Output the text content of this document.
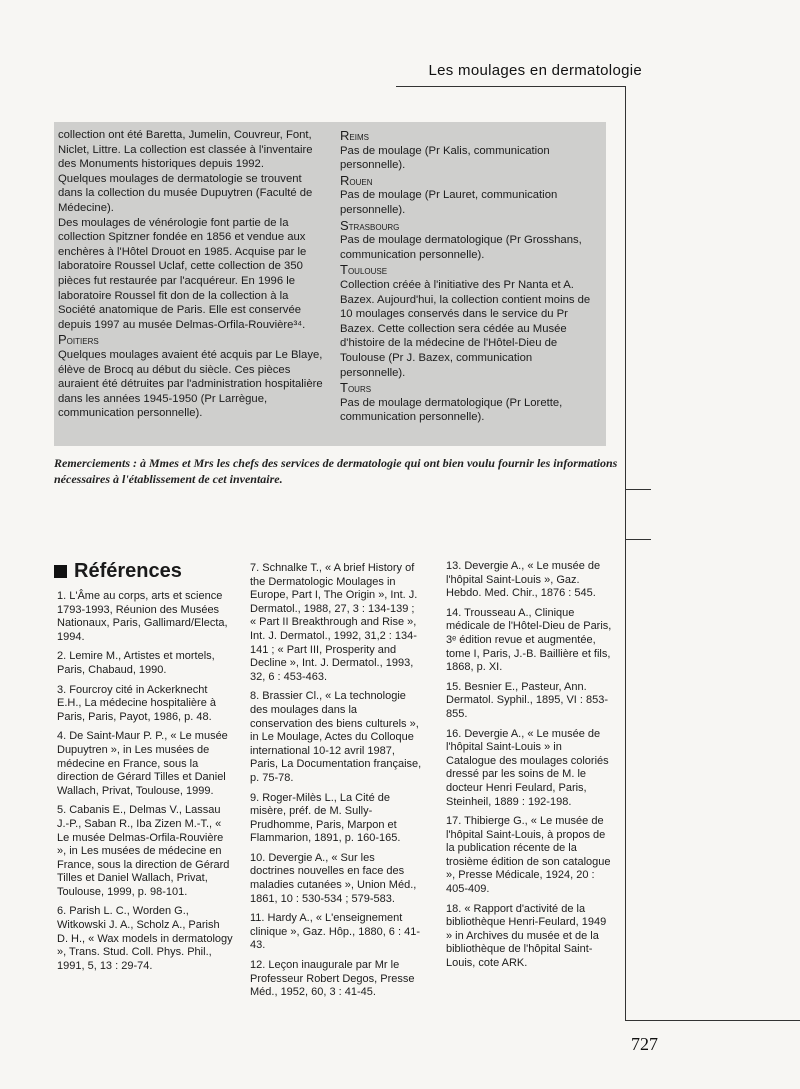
Les moulages en dermatologie

collection ont été Baretta, Jumelin, Couvreur, Font, Niclet, Littre. La collection est classée à l'inventaire des Monuments historiques depuis 1992.

Quelques moulages de dermatologie se trouvent dans la collection du musée Dupuytren (Faculté de Médecine).

Des moulages de vénérologie font partie de la collection Spitzner fondée en 1856 et vendue aux enchères à l'Hôtel Drouot en 1985. Acquise par le laboratoire Roussel Uclaf, cette collection de 350 pièces fut restaurée par l'acquéreur. En 1996 le laboratoire Roussel fit don de la collection à la Société anatomique de Paris. Elle est conservée depuis 1997 au musée Delmas-Orfila-Rouvière³⁴.

Poitiers

Quelques moulages avaient été acquis par Le Blaye, élève de Brocq au début du siècle. Ces pièces auraient été détruites par l'administration hospitalière dans les années 1945-1950 (Pr Larrègue, communication personnelle).

Reims

Pas de moulage (Pr Kalis, communication personnelle).

Rouen

Pas de moulage (Pr Lauret, communication personnelle).

Strasbourg

Pas de moulage dermatologique (Pr Grosshans, communication personnelle).

Toulouse

Collection créée à l'initiative des Pr Nanta et A. Bazex. Aujourd'hui, la collection contient moins de 10 moulages conservés dans le service du Pr Bazex. Cette collection sera cédée au Musée d'histoire de la médecine de l'Hôtel-Dieu de Toulouse (Pr J. Bazex, communication personnelle).

Tours

Pas de moulage dermatologique (Pr Lorette, communication personnelle).

Remerciements : à Mmes et Mrs les chefs des services de dermatologie qui ont bien voulu fournir les informations nécessaires à l'établissement de cet inventaire.
Références

1. L'Âme au corps, arts et science 1793-1993, Réunion des Musées Nationaux, Paris, Gallimard/Electa, 1994.

2. Lemire M., Artistes et mortels, Paris, Chabaud, 1990.

3. Fourcroy cité in Ackerknecht E.H., La médecine hospitalière à Paris, Paris, Payot, 1986, p. 48.

4. De Saint-Maur P. P., « Le musée Dupuytren », in Les musées de médecine en France, sous la direction de Gérard Tilles et Daniel Wallach, Privat, Toulouse, 1999.

5. Cabanis E., Delmas V., Lassau J.-P., Saban R., Iba Zizen M.-T., « Le musée Delmas-Orfila-Rouvière », in Les musées de médecine en France, sous la direction de Gérard Tilles et Daniel Wallach, Privat, Toulouse, 1999, p. 98-101.

6. Parish L. C., Worden G., Witkowski J. A., Scholz A., Parish D. H., « Wax models in dermatology », Trans. Stud. Coll. Phys. Phil., 1991, 5, 13 : 29-74.

7. Schnalke T., « A brief History of the Dermatologic Moulages in Europe, Part I, The Origin », Int. J. Dermatol., 1988, 27, 3 : 134-139 ; « Part II Breakthrough and Rise », Int. J. Dermatol., 1992, 31,2 : 134-141 ; « Part III, Prosperity and Decline », Int. J. Dermatol., 1993, 32, 6 : 453-463.

8. Brassier Cl., « La technologie des moulages dans la conservation des biens culturels », in Le Moulage, Actes du Colloque international 10-12 avril 1987, Paris, La Documentation française, p. 75-78.

9. Roger-Milès L., La Cité de misère, préf. de M. Sully-Prudhomme, Paris, Marpon et Flammarion, 1891, p. 160-165.

10. Devergie A., « Sur les doctrines nouvelles en face des maladies cutanées », Union Méd., 1861, 10 : 530-534 ; 579-583.

11. Hardy A., « L'enseignement clinique », Gaz. Hôp., 1880, 6 : 41-43.

12. Leçon inaugurale par Mr le Professeur Robert Degos, Presse Méd., 1952, 60, 3 : 41-45.

13. Devergie A., « Le musée de l'hôpital Saint-Louis », Gaz. Hebdo. Med. Chir., 1876 : 545.

14. Trousseau A., Clinique médicale de l'Hôtel-Dieu de Paris, 3ᵉ édition revue et augmentée, tome I, Paris, J.-B. Baillière et fils, 1868, p. XI.

15. Besnier E., Pasteur, Ann. Dermatol. Syphil., 1895, VI : 853-855.

16. Devergie A., « Le musée de l'hôpital Saint-Louis » in Catalogue des moulages coloriés dressé par les soins de M. le docteur Henri Feulard, Paris, Steinheil, 1889 : 192-198.

17. Thibierge G., « Le musée de l'hôpital Saint-Louis, à propos de la publication récente de la trosième édition de son catalogue », Presse Médicale, 1924, 20 : 405-409.

18. « Rapport d'activité de la bibliothèque Henri-Feulard, 1949 » in Archives du musée et de la bibliothèque de l'hôpital Saint-Louis, cote ARK.

727
